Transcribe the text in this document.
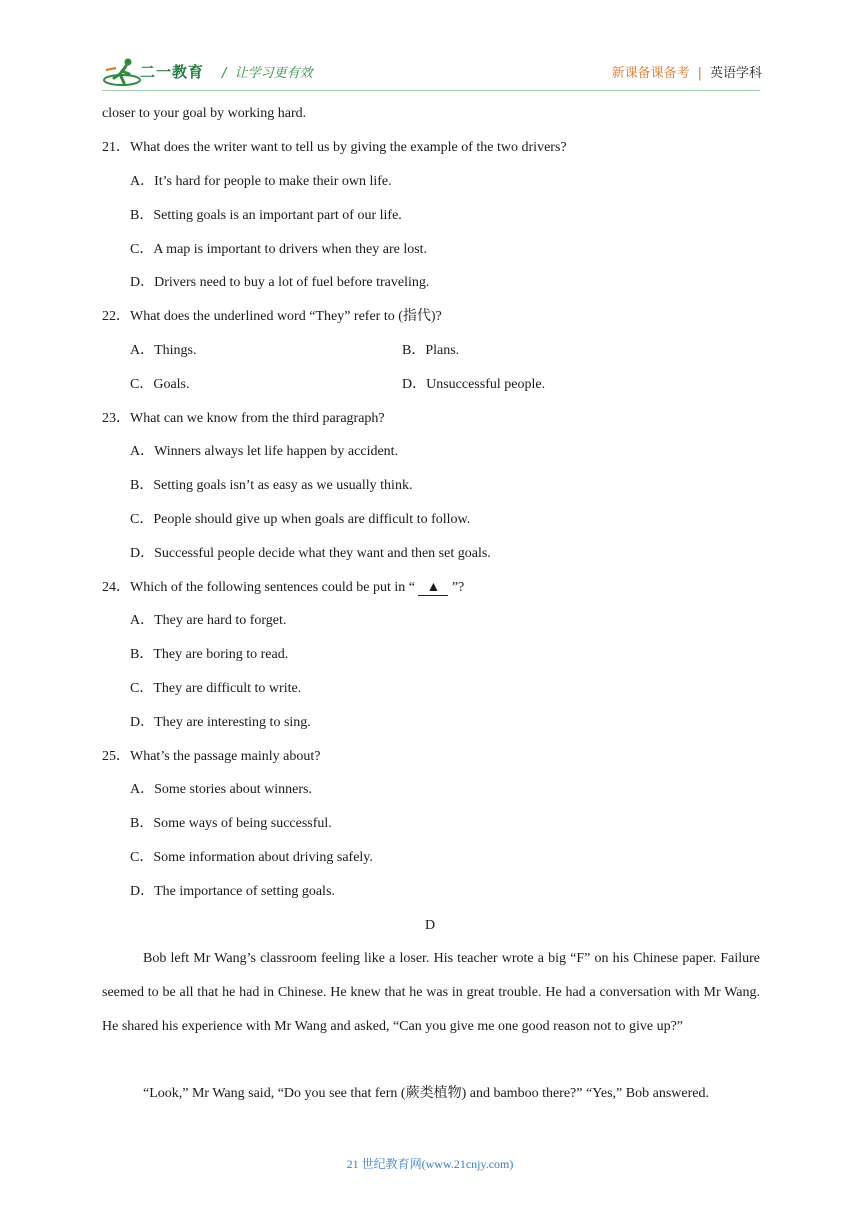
二一教育 /  让学习更有效	新课备课备考 | 英语学科
closer to your goal by working hard.
21．What does the writer want to tell us by giving the example of the two drivers?
A．It’s hard for people to make their own life.
B．Setting goals is an important part of our life.
C．A map is important to drivers when they are lost.
D．Drivers need to buy a lot of fuel before traveling.
22．What does the underlined word “They” refer to (指代)?
A．Things.	B．Plans.
C．Goals.	D．Unsuccessful people.
23．What can we know from the third paragraph?
A．Winners always let life happen by accident.
B．Setting goals isn’t as easy as we usually think.
C．People should give up when goals are difficult to follow.
D．Successful people decide what they want and then set goals.
24．Which of the following sentences could be put in “ ▲ ”?
A．They are hard to forget.
B．They are boring to read.
C．They are difficult to write.
D．They are interesting to sing.
25．What’s the passage mainly about?
A．Some stories about winners.
B．Some ways of being successful.
C．Some information about driving safely.
D．The importance of setting goals.
D
Bob left Mr Wang’s classroom feeling like a loser. His teacher wrote a big “F” on his Chinese paper. Failure seemed to be all that he had in Chinese. He knew that he was in great trouble. He had a conversation with Mr Wang. He shared his experience with Mr Wang and asked, “Can you give me one good reason not to give up?”
“Look,” Mr Wang said, “Do you see that fern (蕨类植物) and bamboo there?” “Yes,” Bob answered.
21 世纪教育网(www.21cnjy.com)
